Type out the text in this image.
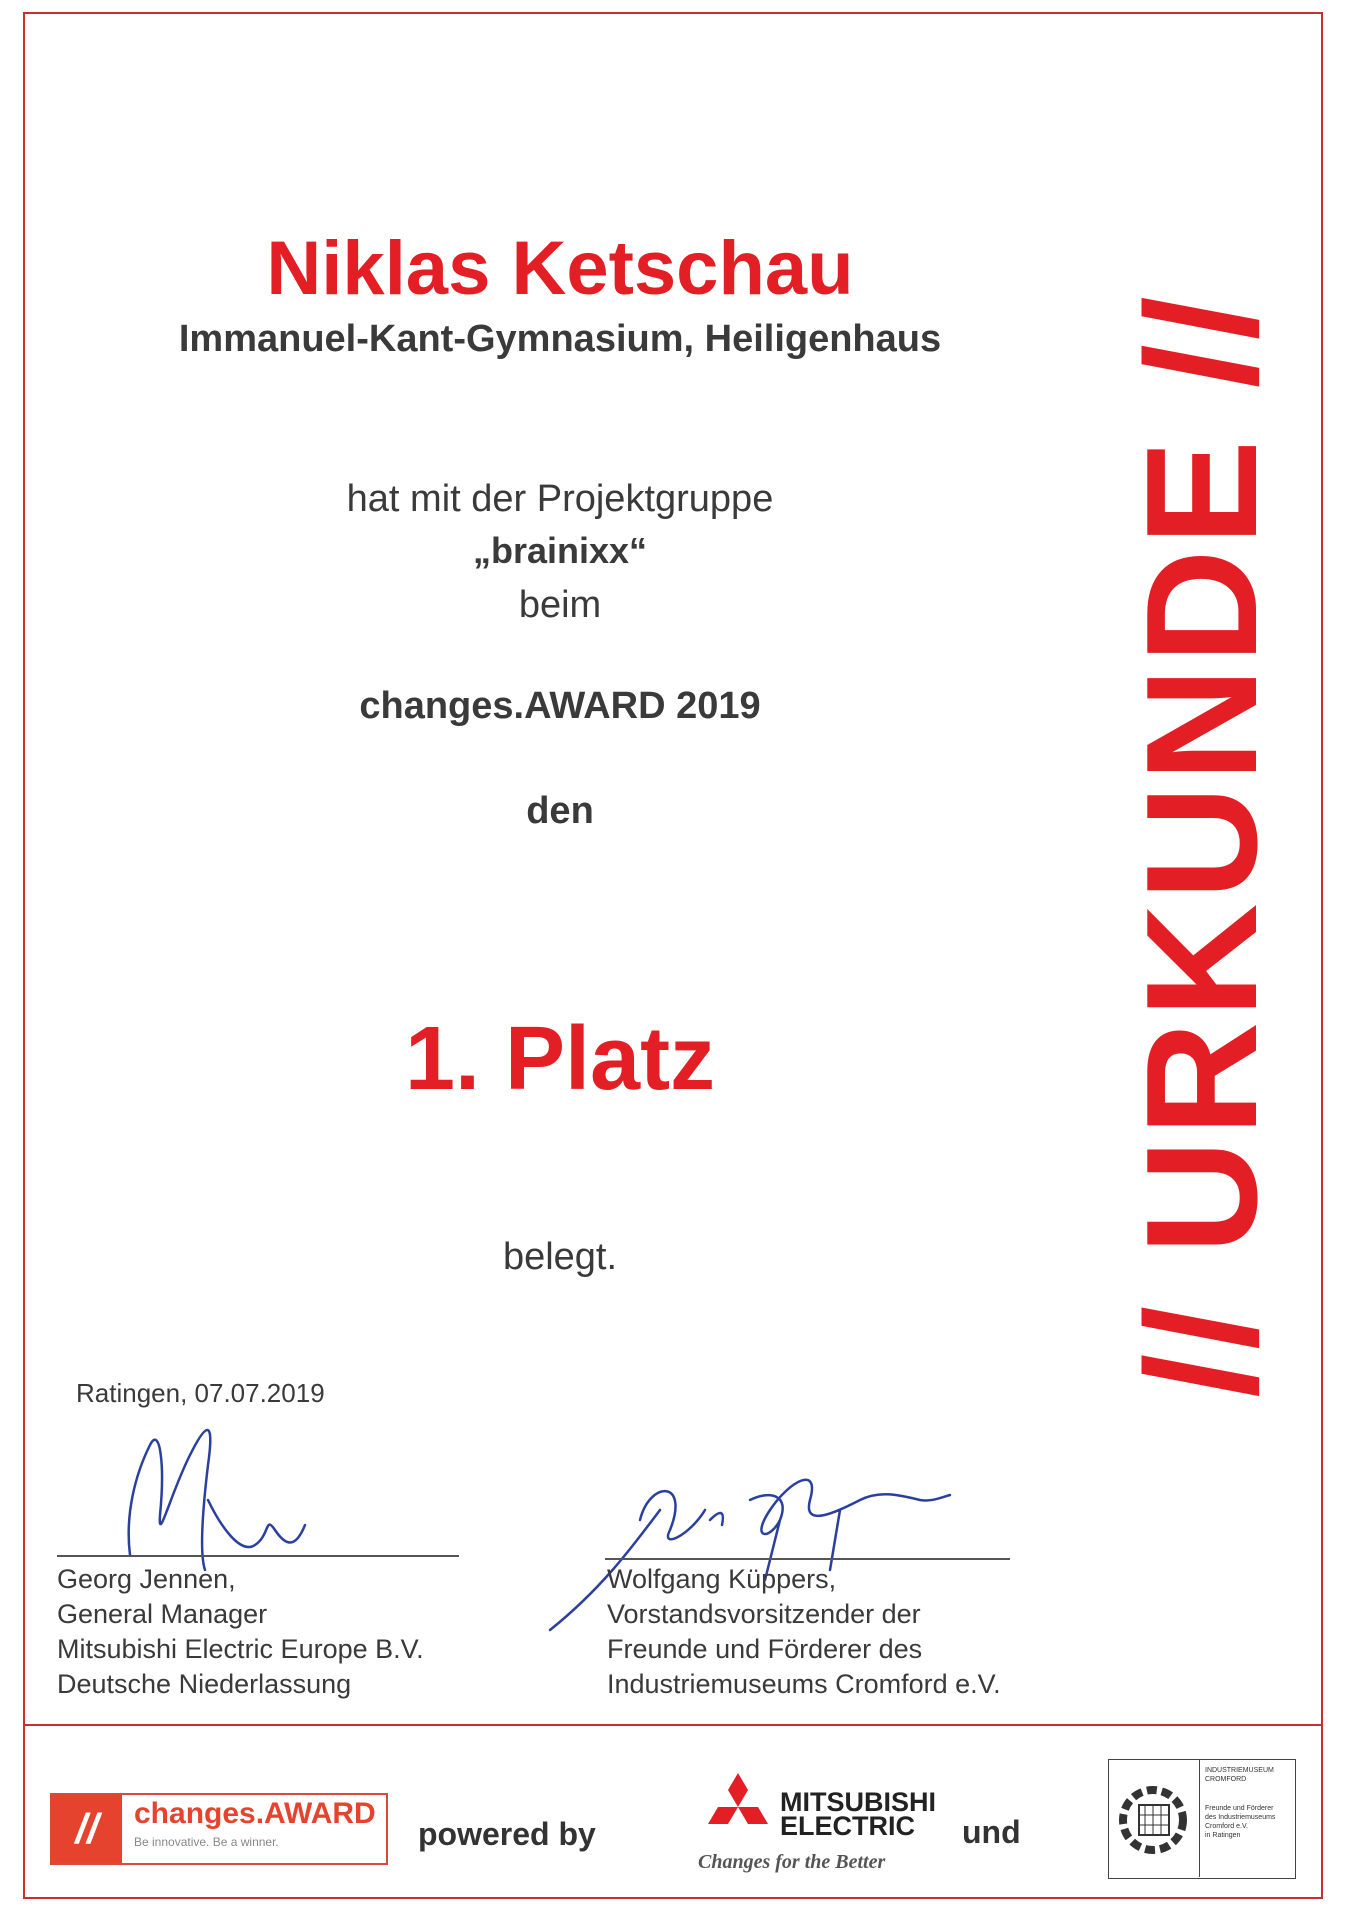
// URKUNDE //
Niklas Ketschau
Immanuel-Kant-Gymnasium, Heiligenhaus
hat mit der Projektgruppe
„brainixx“
beim
changes.AWARD 2019
den
1. Platz
belegt.
Ratingen, 07.07.2019
Georg Jennen,
General Manager
Mitsubishi Electric Europe B.V.
Deutsche Niederlassung
Wolfgang Küppers,
Vorstandsvorsitzender der
Freunde und Förderer des
Industriemuseums Cromford e.V.
//	changes.AWARD
Be innovative. Be a winner.	powered by
MITSUBISHI
ELECTRIC
Changes for the Better
und
INDUSTRIEMUSEUM
CROMFORD
Freunde und Förderer
des Industriemuseums
Cromford e.V.
in Ratingen
